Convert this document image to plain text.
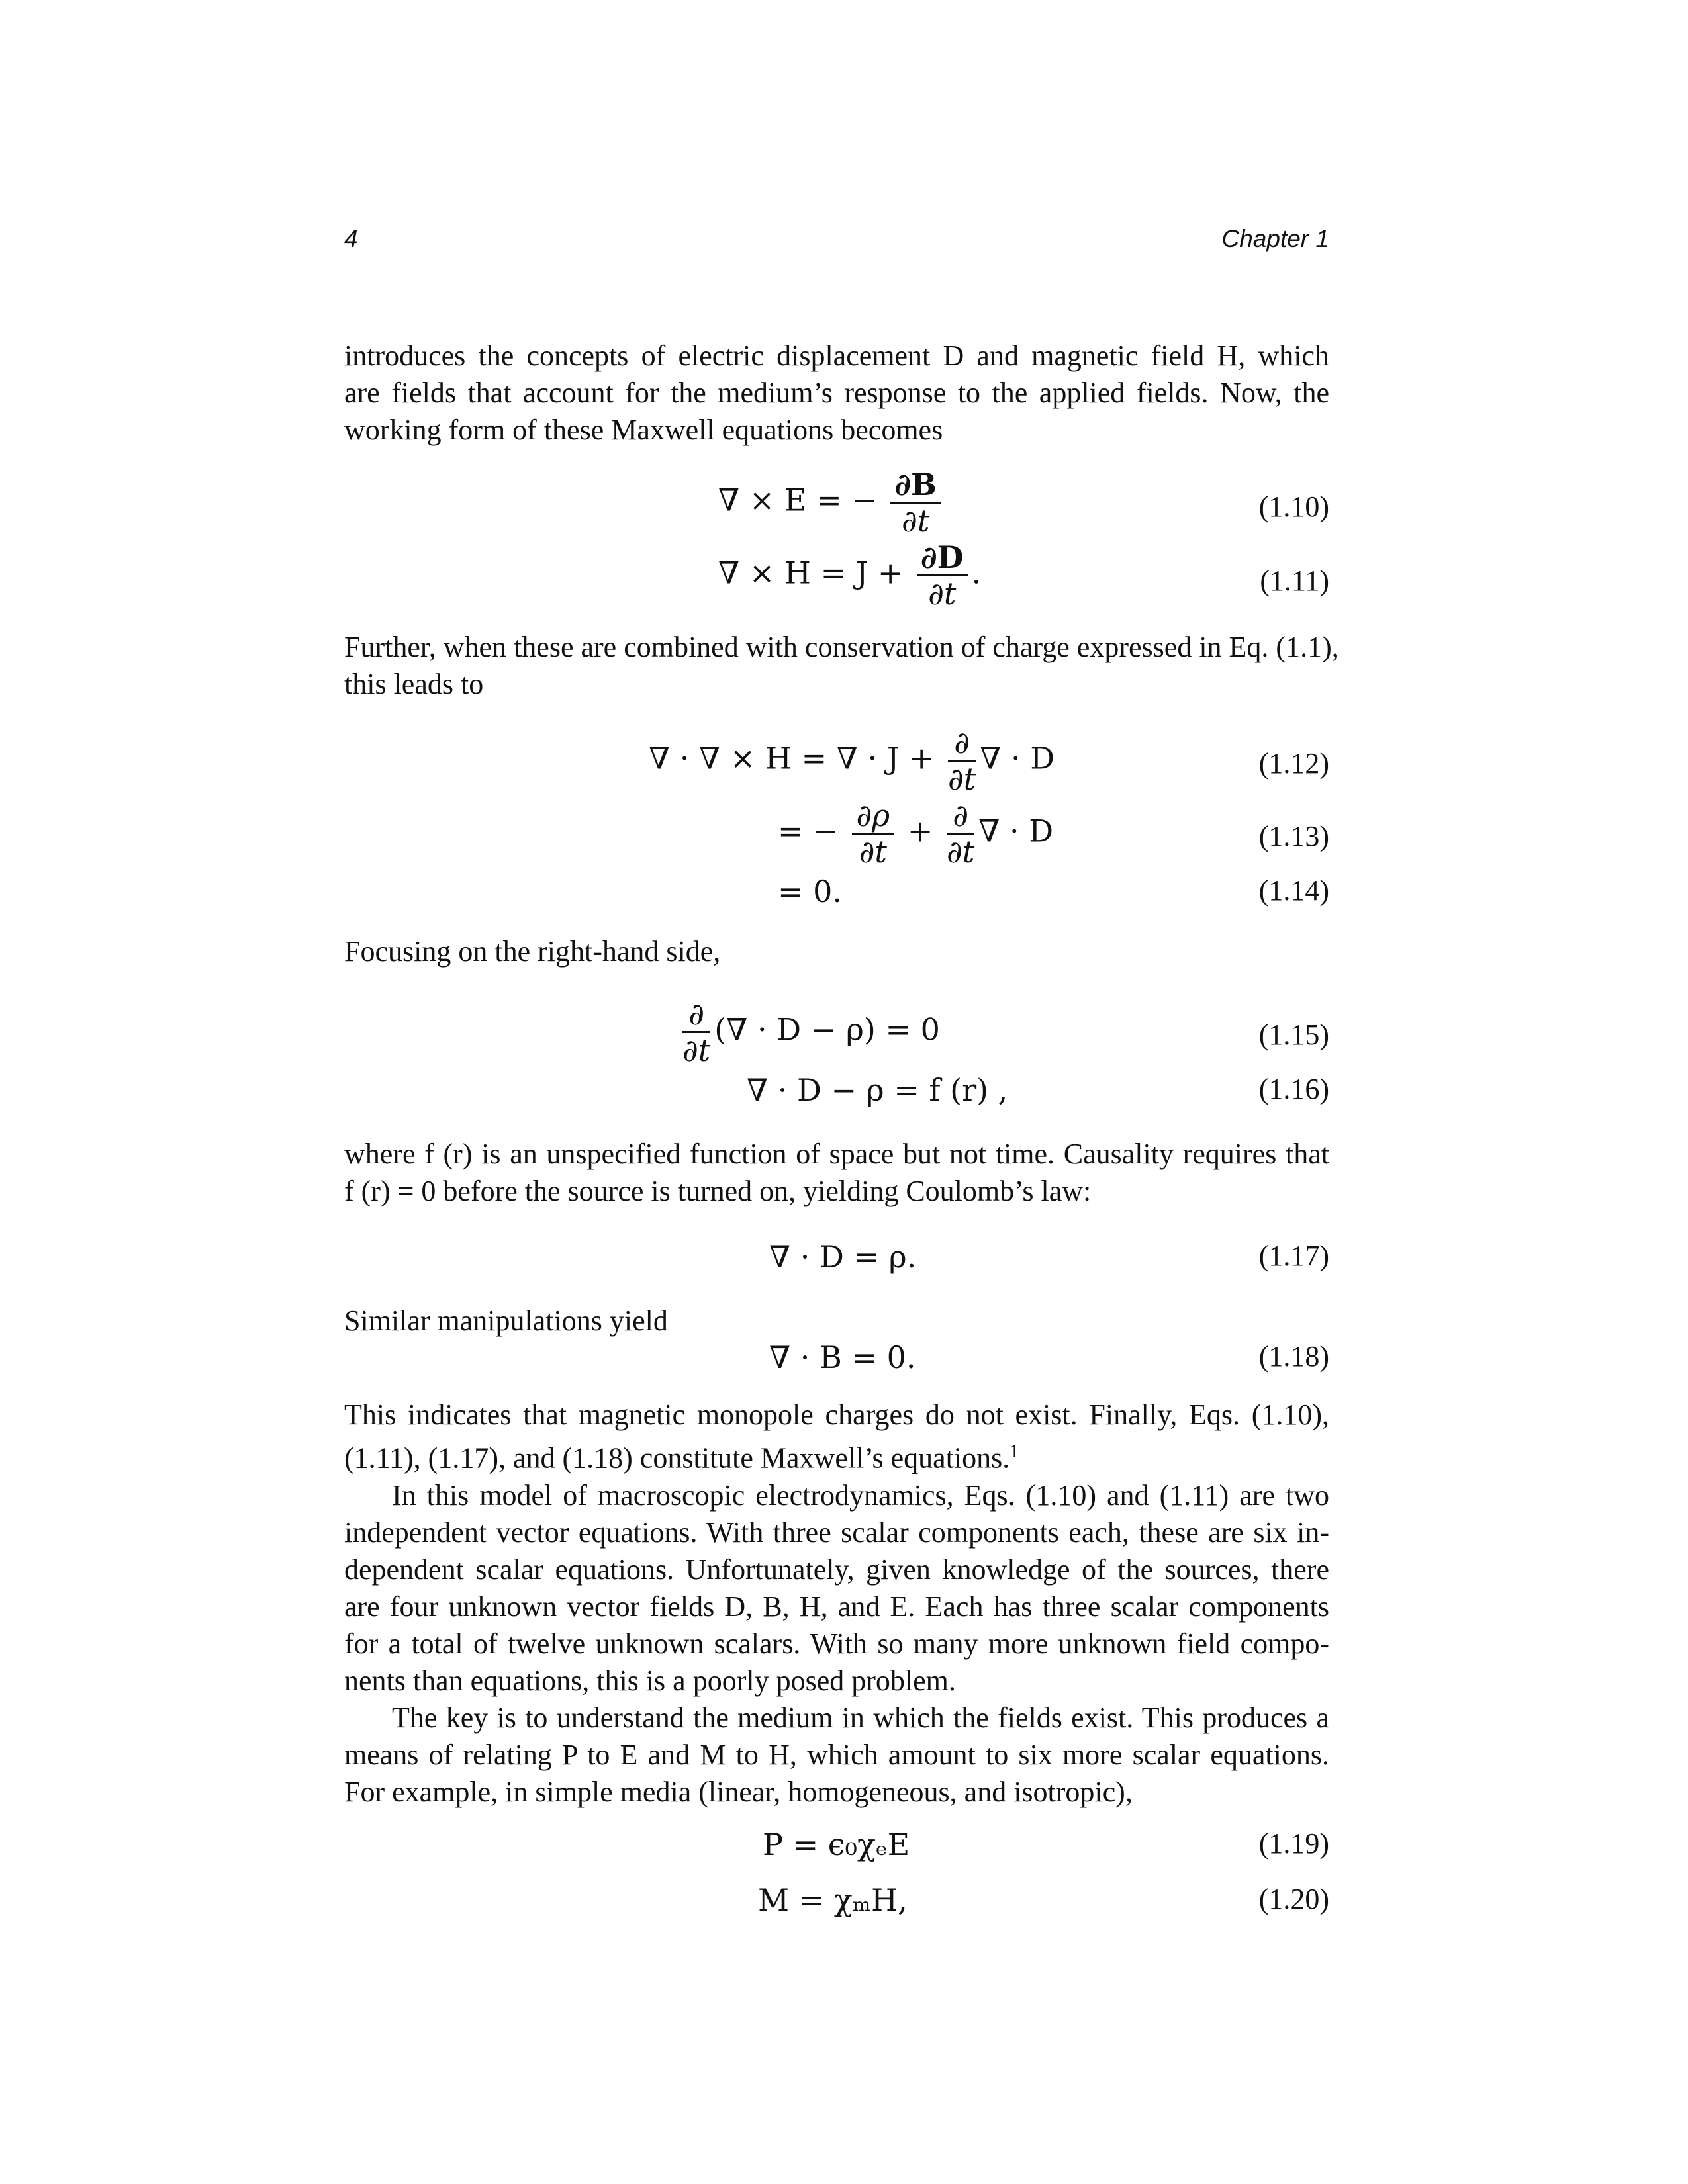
4	Chapter 1
introduces the concepts of electric displacement D and magnetic field H, which
are fields that account for the medium’s response to the applied fields. Now, the
working form of these Maxwell equations becomes
∇ × E = − $\frac{\partial B}{\partial t}$	(1.10)
∇ × $H = J + \frac{\partial D}{\partial t}$ .	(1.11)
Further, when these are combined with conservation of charge expressed in Eq. (1.1),
this leads to
∇ · ∇ × H = ∇ · $J + \frac{\partial}{\partial t}$ ∇ · D	(1.12)
= − $\frac{\partial\rho}{\partial t} + \frac{\partial}{\partial t}$ ∇ · D	(1.13)
= 0.	(1.14)
Focusing on the right-hand side,
$\frac{\partial}{\partial t}$ (∇ · D − ρ) = 0	(1.15)
∇ · D − ρ = f (r) ,	(1.16)
where f (r) is an unspecified function of space but not time. Causality requires that
f (r) = 0 before the source is turned on, yielding Coulomb’s law:
∇ · D = ρ.	(1.17)
Similar manipulations yield
∇ · B = 0.	(1.18)
This indicates that magnetic monopole charges do not exist. Finally, Eqs. (1.10),
(1.11), (1.17), and (1.18) constitute Maxwell’s equations.$^1$
In this model of macroscopic electrodynamics, Eqs. (1.10) and (1.11) are two
independent vector equations. With three scalar components each, these are six in-
dependent scalar equations. Unfortunately, given knowledge of the sources, there
are four unknown vector fields D, B, H, and E. Each has three scalar components
for a total of twelve unknown scalars. With so many more unknown field compo-
nents than equations, this is a poorly posed problem.
The key is to understand the medium in which the fields exist. This produces a
means of relating P to E and M to H, which amount to six more scalar equations.
For example, in simple media (linear, homogeneous, and isotropic),
P = ϵ₀χₑE	(1.19)
M = χₘH,	(1.20)
